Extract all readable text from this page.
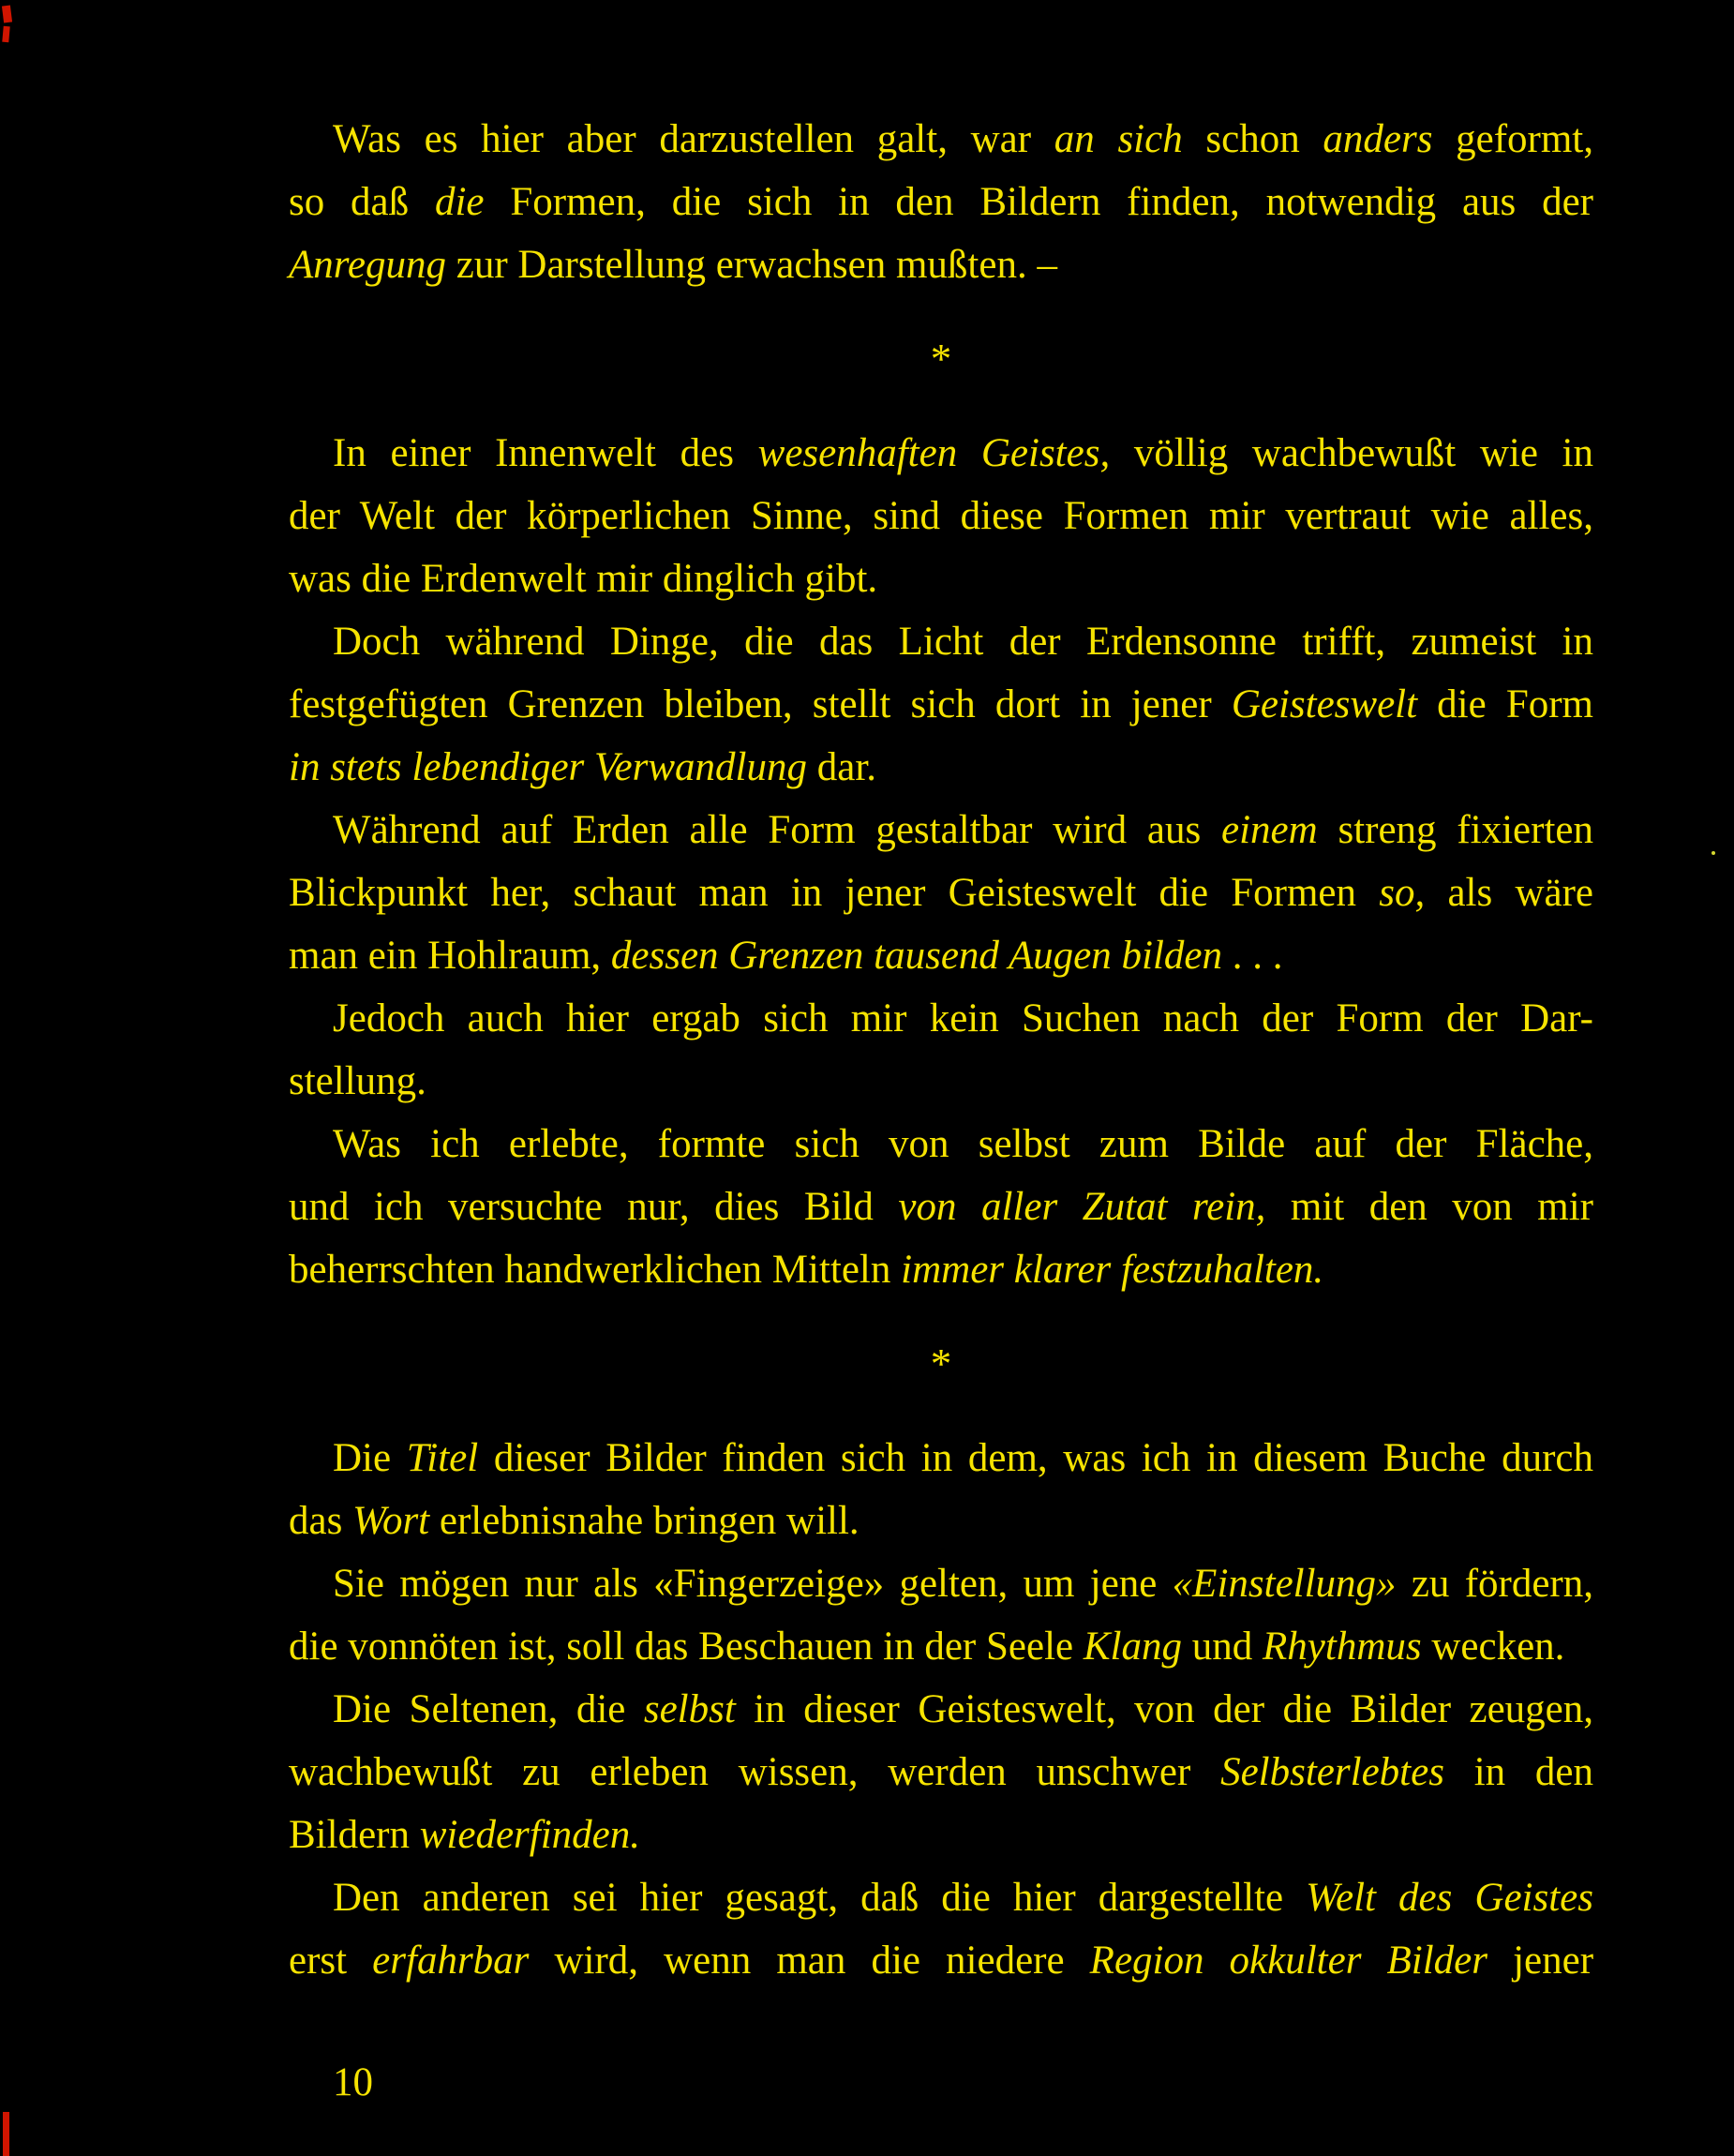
Was es hier aber darzustellen galt, war an sich schon anders geformt,
so daß die Formen, die sich in den Bildern finden, notwendig aus der
Anregung zur Darstellung erwachsen mußten. –
*
In einer Innenwelt des wesenhaften Geistes, völlig wachbewußt wie in
der Welt der körperlichen Sinne, sind diese Formen mir vertraut wie alles,
was die Erdenwelt mir dinglich gibt.
Doch während Dinge, die das Licht der Erdensonne trifft, zumeist in
festgefügten Grenzen bleiben, stellt sich dort in jener Geisteswelt die Form
in stets lebendiger Verwandlung dar.
Während auf Erden alle Form gestaltbar wird aus einem streng fixierten
Blickpunkt her, schaut man in jener Geisteswelt die Formen so, als wäre
man ein Hohlraum, dessen Grenzen tausend Augen bilden . . .
Jedoch auch hier ergab sich mir kein Suchen nach der Form der Dar-
stellung.
Was ich erlebte, formte sich von selbst zum Bilde auf der Fläche,
und ich versuchte nur, dies Bild von aller Zutat rein, mit den von mir
beherrschten handwerklichen Mitteln immer klarer festzuhalten.
*
Die Titel dieser Bilder finden sich in dem, was ich in diesem Buche durch
das Wort erlebnisnahe bringen will.
Sie mögen nur als «Fingerzeige» gelten, um jene «Einstellung» zu fördern,
die vonnöten ist, soll das Beschauen in der Seele Klang und Rhythmus wecken.
Die Seltenen, die selbst in dieser Geisteswelt, von der die Bilder zeugen,
wachbewußt zu erleben wissen, werden unschwer Selbsterlebtes in den
Bildern wiederfinden.
Den anderen sei hier gesagt, daß die hier dargestellte Welt des Geistes
erst erfahrbar wird, wenn man die niedere Region okkulter Bilder jener
10
